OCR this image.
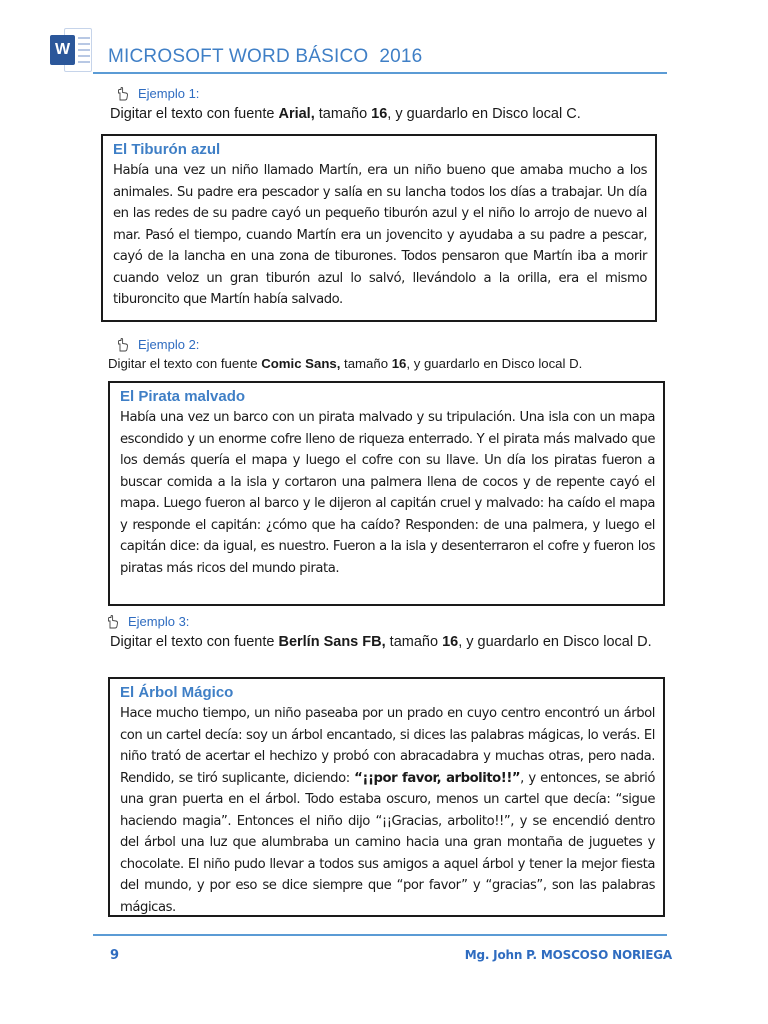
W MICROSOFT WORD BÁSICO  2016
Ejemplo 1:
Digitar el texto con fuente Arial, tamaño 16, y guardarlo en Disco local C.
El Tiburón azul
Había una vez un niño llamado Martín, era un niño bueno que amaba mucho a los animales. Su padre era pescador y salía en su lancha todos los días a trabajar. Un día en las redes de su padre cayó un pequeño tiburón azul y el niño lo arrojo de nuevo al mar. Pasó el tiempo, cuando Martín era un jovencito y ayudaba a su padre a pescar, cayó de la lancha en una zona de tiburones. Todos pensaron que Martín iba a morir cuando veloz un gran tiburón azul lo salvó, llevándolo a la orilla, era el mismo tiburoncito que Martín había salvado.
Ejemplo 2:
Digitar el texto con fuente Comic Sans, tamaño 16, y guardarlo en Disco local D.
El Pirata malvado
Había una vez un barco con un pirata malvado y su tripulación. Una isla con un mapa escondido y un enorme cofre lleno de riqueza enterrado. Y el pirata más malvado que los demás quería el mapa y luego el cofre con su llave. Un día los piratas fueron a buscar comida a la isla y cortaron una palmera llena de cocos y de repente cayó el mapa. Luego fueron al barco y le dijeron al capitán cruel y malvado: ha caído el mapa y responde el capitán: ¿cómo que ha caído? Responden: de una palmera, y luego el capitán dice: da igual, es nuestro. Fueron a la isla y desenterraron el cofre y fueron los piratas más ricos del mundo pirata.
Ejemplo 3:
Digitar el texto con fuente Berlín Sans FB, tamaño 16, y guardarlo en Disco local D.
El Árbol Mágico
Hace mucho tiempo, un niño paseaba por un prado en cuyo centro encontró un árbol con un cartel decía: soy un árbol encantado, si dices las palabras mágicas, lo verás. El niño trató de acertar el hechizo y probó con abracadabra y muchas otras, pero nada. Rendido, se tiró suplicante, diciendo: “¡¡por favor, arbolito!!”, y entonces, se abrió una gran puerta en el árbol. Todo estaba oscuro, menos un cartel que decía: “sigue haciendo magia”. Entonces el niño dijo “¡¡Gracias, arbolito!!”, y se encendió dentro del árbol una luz que alumbraba un camino hacia una gran montaña de juguetes y chocolate. El niño pudo llevar a todos sus amigos a aquel árbol y tener la mejor fiesta del mundo, y por eso se dice siempre que “por favor” y “gracias”, son las palabras mágicas.
9	Mg. John P. MOSCOSO NORIEGA
